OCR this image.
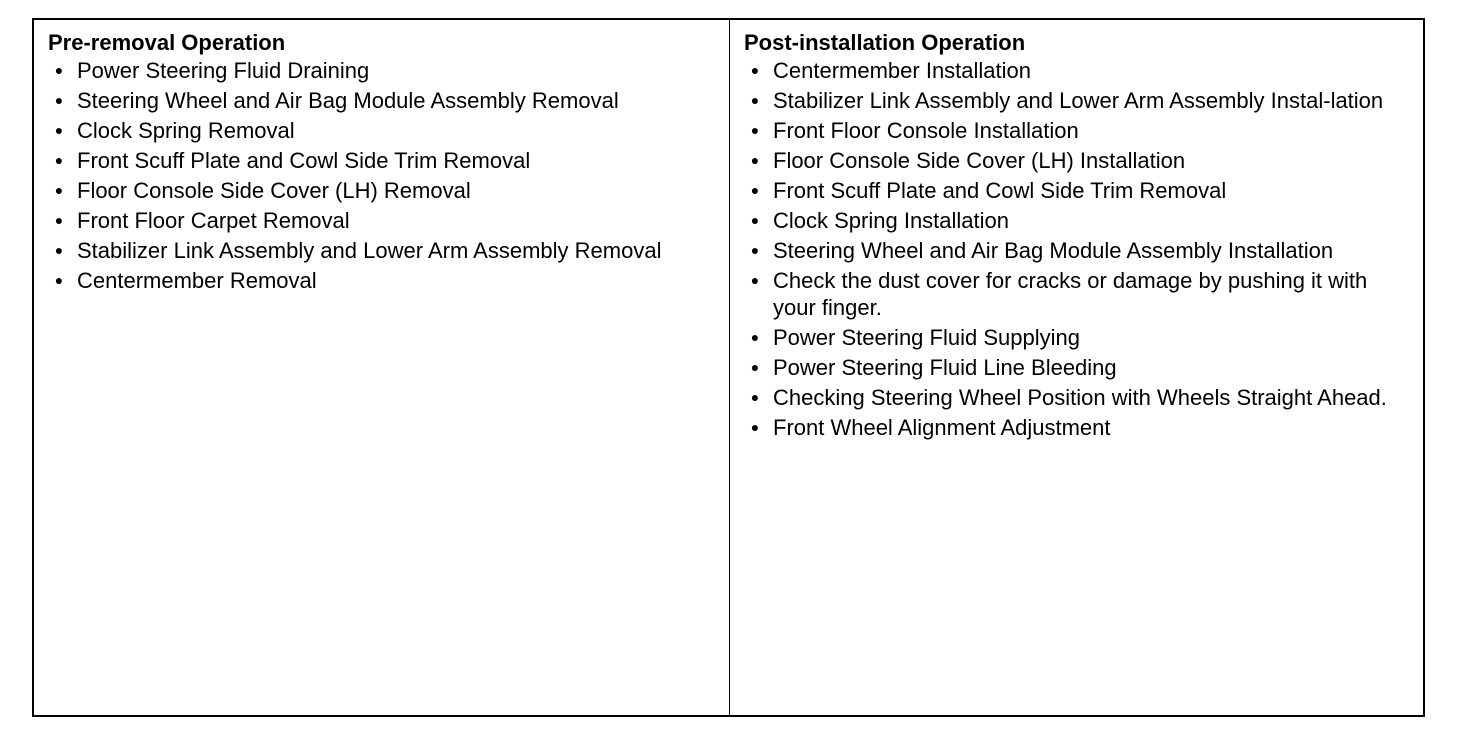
Pre-removal Operation
● Power Steering Fluid Draining
● Steering Wheel and Air Bag Module Assembly Removal
● Clock Spring Removal
● Front Scuff Plate and Cowl Side Trim Removal
● Floor Console Side Cover (LH) Removal
● Front Floor Carpet Removal
● Stabilizer Link Assembly and Lower Arm Assembly Removal
● Centermember Removal
Post-installation Operation
● Centermember Installation
● Stabilizer Link Assembly and Lower Arm Assembly Instal-lation
● Front Floor Console Installation
● Floor Console Side Cover (LH) Installation
● Front Scuff Plate and Cowl Side Trim Removal
● Clock Spring Installation
● Steering Wheel and Air Bag Module Assembly Installation
● Check the dust cover for cracks or damage by pushing it with your finger.
● Power Steering Fluid Supplying
● Power Steering Fluid Line Bleeding
● Checking Steering Wheel Position with Wheels Straight Ahead.
● Front Wheel Alignment Adjustment
